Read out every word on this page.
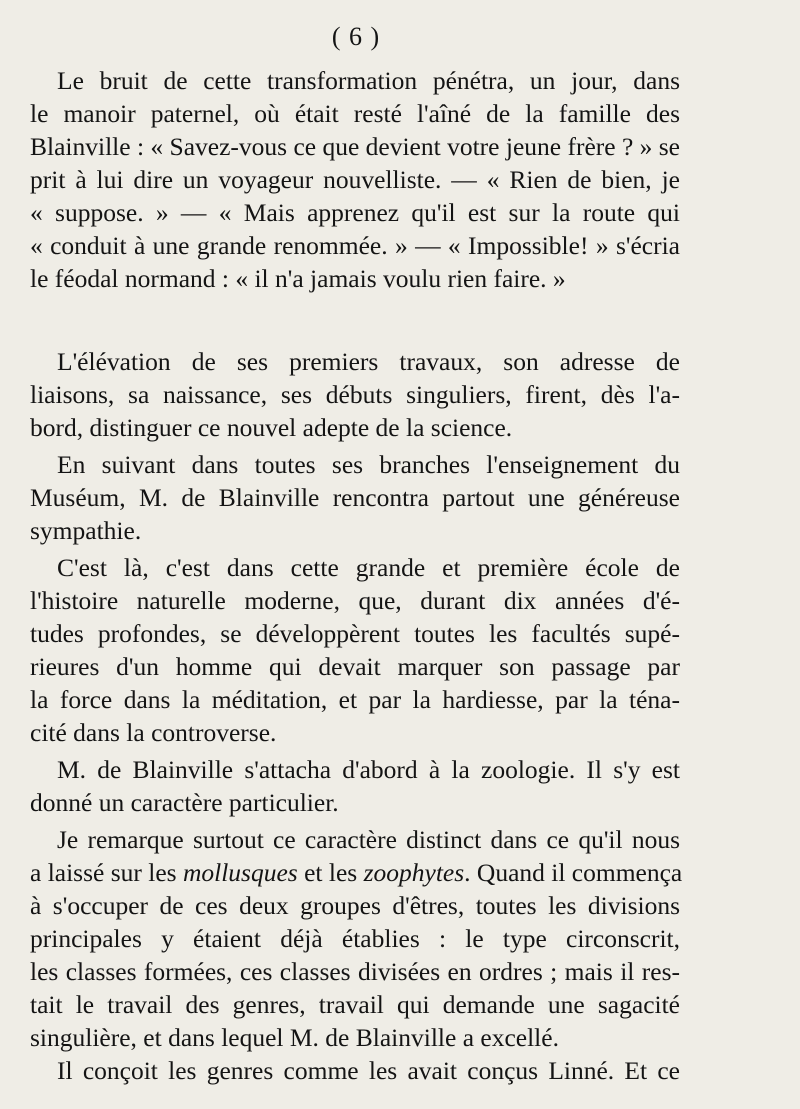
( 6 )
Le bruit de cette transformation pénétra, un jour, dans
le manoir paternel, où était resté l'aîné de la famille des
Blainville : « Savez-vous ce que devient votre jeune frère ? » se
prit à lui dire un voyageur nouvelliste. — « Rien de bien, je
« suppose. » — « Mais apprenez qu'il est sur la route qui
« conduit à une grande renommée. » — « Impossible! » s'écria
le féodal normand : « il n'a jamais voulu rien faire. »
L'élévation de ses premiers travaux, son adresse de
liaisons, sa naissance, ses débuts singuliers, firent, dès l'a-
bord, distinguer ce nouvel adepte de la science.
En suivant dans toutes ses branches l'enseignement du
Muséum, M. de Blainville rencontra partout une généreuse
sympathie.
C'est là, c'est dans cette grande et première école de
l'histoire naturelle moderne, que, durant dix années d'é-
tudes profondes, se développèrent toutes les facultés supé-
rieures d'un homme qui devait marquer son passage par
la force dans la méditation, et par la hardiesse, par la téna-
cité dans la controverse.
M. de Blainville s'attacha d'abord à la zoologie. Il s'y est
donné un caractère particulier.
Je remarque surtout ce caractère distinct dans ce qu'il nous
a laissé sur les mollusques et les zoophytes. Quand il commença
à s'occuper de ces deux groupes d'êtres, toutes les divisions
principales y étaient déjà établies : le type circonscrit,
les classes formées, ces classes divisées en ordres ; mais il res-
tait le travail des genres, travail qui demande une sagacité
singulière, et dans lequel M. de Blainville a excellé.
Il conçoit les genres comme les avait conçus Linné. Et ce
